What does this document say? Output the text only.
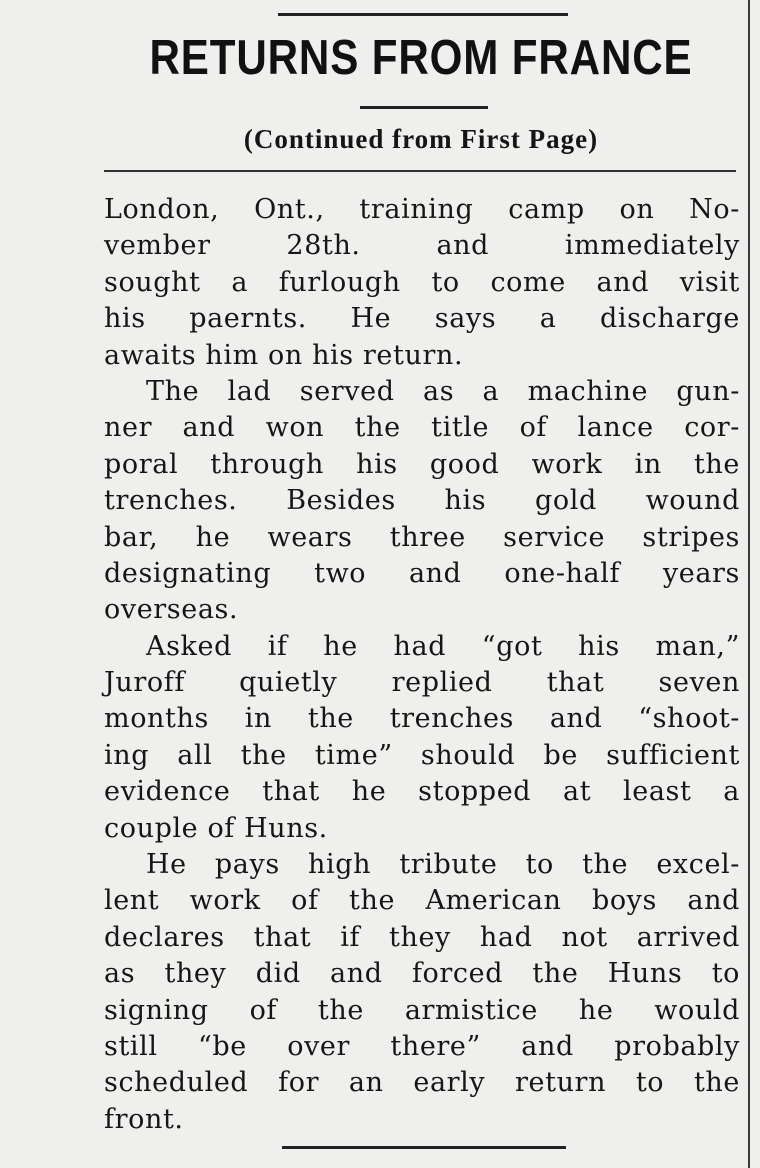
RETURNS FROM FRANCE
(Continued from First Page)
London, Ont., training camp on No-
vember 28th. and immediately
sought a furlough to come and visit
his paernts. He says a discharge
awaits him on his return.
The lad served as a machine gun-
ner and won the title of lance cor-
poral through his good work in the
trenches. Besides his gold wound
bar, he wears three service stripes
designating two and one-half years
overseas.
Asked if he had “got his man,”
Juroff quietly replied that seven
months in the trenches and “shoot-
ing all the time” should be sufficient
evidence that he stopped at least a
couple of Huns.
He pays high tribute to the excel-
lent work of the American boys and
declares that if they had not arrived
as they did and forced the Huns to
signing of the armistice he would
still “be over there” and probably
scheduled for an early return to the
front.
